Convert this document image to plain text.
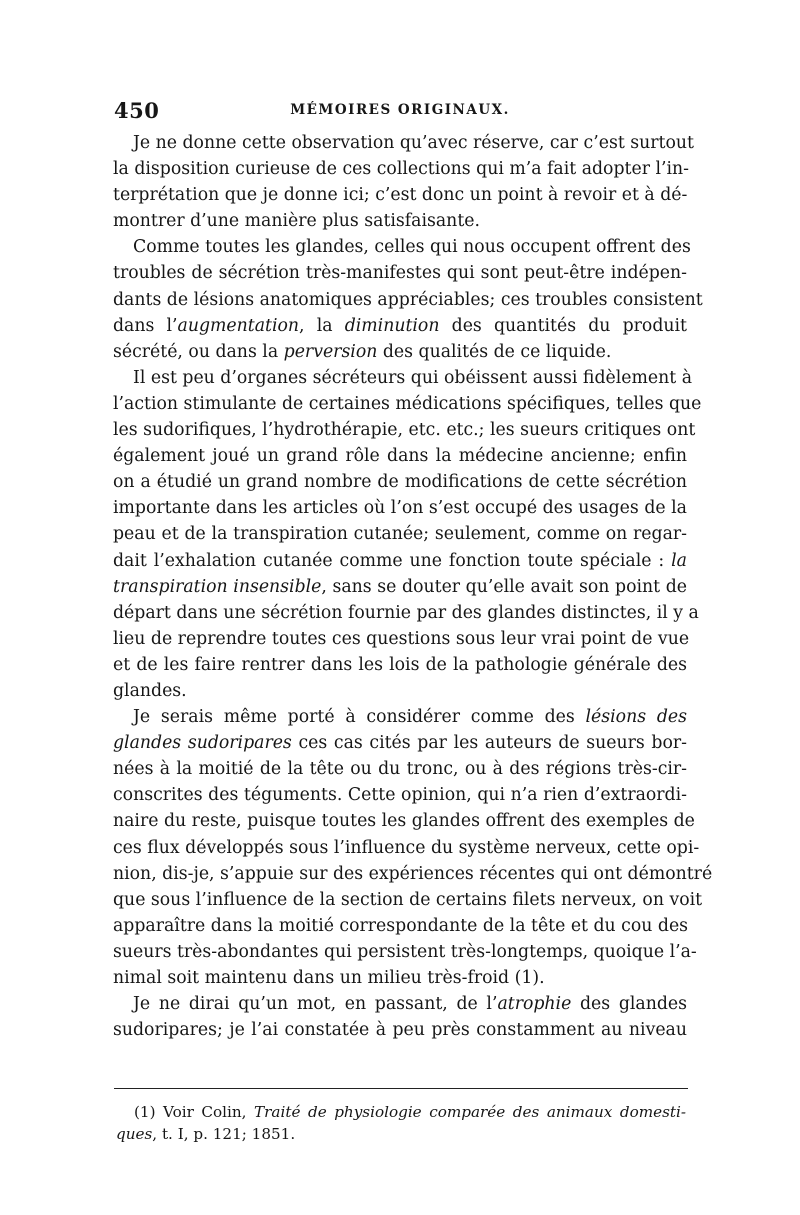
450	MÉMOIRES ORIGINAUX.
Je ne donne cette observation qu’avec réserve, car c’est surtout
la disposition curieuse de ces collections qui m’a fait adopter l’in-
terprétation que je donne ici; c’est donc un point à revoir et à dé-
montrer d’une manière plus satisfaisante.
Comme toutes les glandes, celles qui nous occupent offrent des
troubles de sécrétion très-manifestes qui sont peut-être indépen-
dants de lésions anatomiques appréciables; ces troubles consistent
dans l’augmentation, la diminution des quantités du produit
sécrété, ou dans la perversion des qualités de ce liquide.
Il est peu d’organes sécréteurs qui obéissent aussi fidèlement à
l’action stimulante de certaines médications spécifiques, telles que
les sudorifiques, l’hydrothérapie, etc. etc.; les sueurs critiques ont
également joué un grand rôle dans la médecine ancienne; enfin
on a étudié un grand nombre de modifications de cette sécrétion
importante dans les articles où l’on s’est occupé des usages de la
peau et de la transpiration cutanée; seulement, comme on regar-
dait l’exhalation cutanée comme une fonction toute spéciale : la
transpiration insensible, sans se douter qu’elle avait son point de
départ dans une sécrétion fournie par des glandes distinctes, il y a
lieu de reprendre toutes ces questions sous leur vrai point de vue
et de les faire rentrer dans les lois de la pathologie générale des
glandes.
Je serais même porté à considérer comme des lésions des
glandes sudoripares ces cas cités par les auteurs de sueurs bor-
nées à la moitié de la tête ou du tronc, ou à des régions très-cir-
conscrites des téguments. Cette opinion, qui n’a rien d’extraordi-
naire du reste, puisque toutes les glandes offrent des exemples de
ces flux développés sous l’influence du système nerveux, cette opi-
nion, dis-je, s’appuie sur des expériences récentes qui ont démontré
que sous l’influence de la section de certains filets nerveux, on voit
apparaître dans la moitié correspondante de la tête et du cou des
sueurs très-abondantes qui persistent très-longtemps, quoique l’a-
nimal soit maintenu dans un milieu très-froid (1).
Je ne dirai qu’un mot, en passant, de l’atrophie des glandes
sudoripares; je l’ai constatée à peu près constamment au niveau
(1) Voir Colin, Traité de physiologie comparée des animaux domesti-
ques, t. I, p. 121; 1851.
